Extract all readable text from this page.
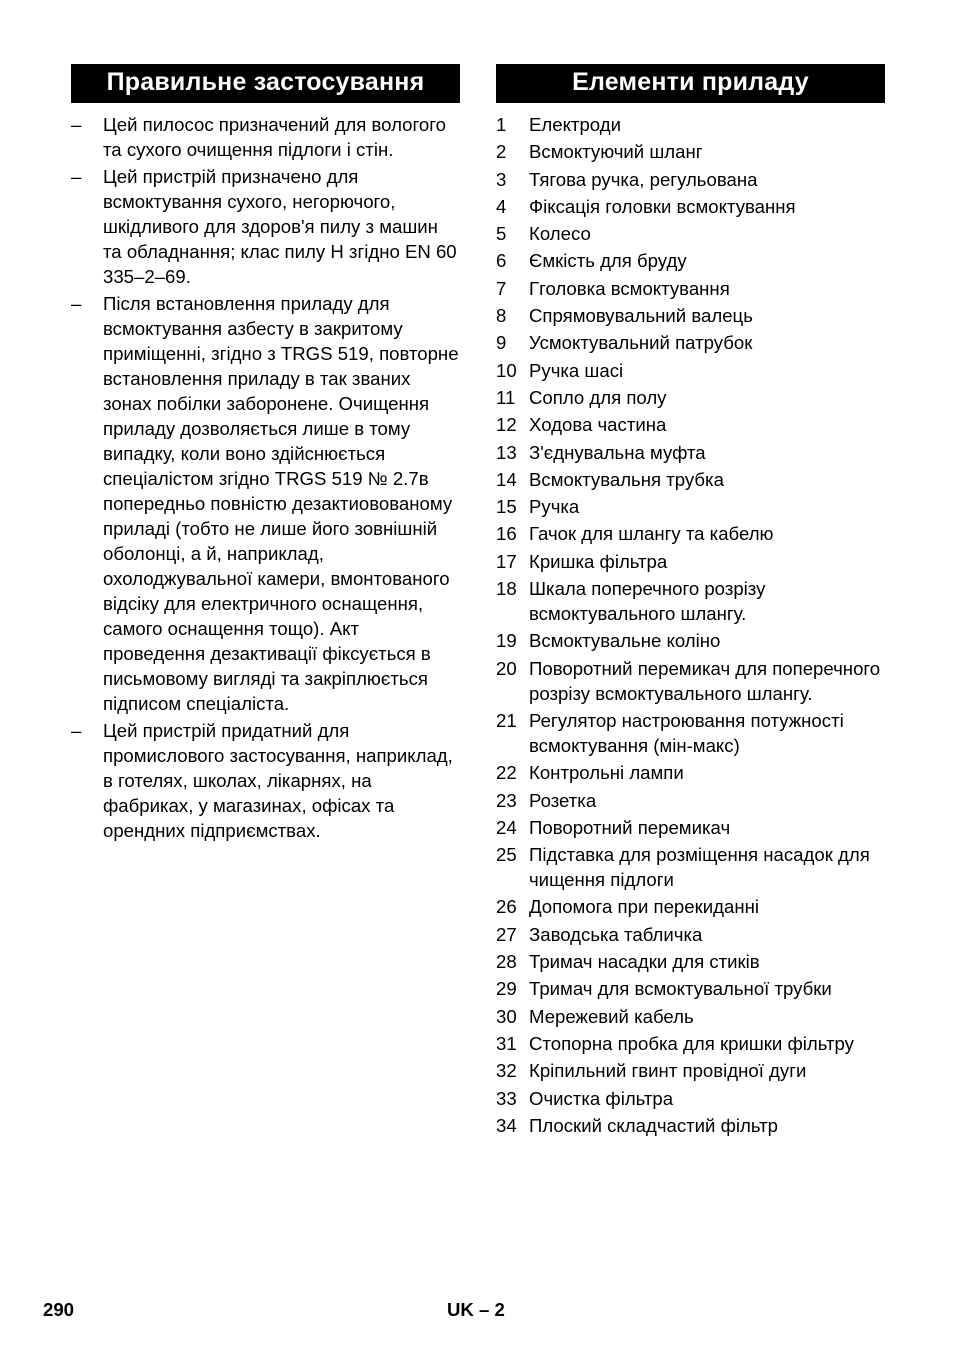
Правильне застосування
–	Цей пилосос призначений для вологого та сухого очищення підлоги і стін.
–	Цей пристрій призначено для всмоктування сухого, негорючого, шкідливого для здоров'я пилу з машин та обладнання; клас пилу H згідно EN 60 335–2–69.
–	Після встановлення приладу для всмоктування азбесту в закритому приміщенні, згідно з TRGS 519, повторне встановлення приладу в так званих зонах побілки заборонене. Очищення приладу дозволяється лише в тому випадку, коли воно здійснюється спеціалістом згідно TRGS 519 № 2.7в попередньо повністю дезактиовованому приладі (тобто не лише його зовнішній оболонці, а й, наприклад, охолоджувальної камери, вмонтованого відсіку для електричного оснащення, самого оснащення тощо). Акт проведення дезактивації фіксується в письмовому вигляді та закріплюється підписом спеціаліста.
–	Цей пристрій придатний для промислового застосування, наприклад, в готелях, школах, лікарнях, на фабриках, у магазинах, офісах та орендних підприємствах.
Елементи приладу
1 Електроди
2 Всмоктуючий шланг
3 Тягова ручка, регульована
4 Фіксація головки всмоктування
5 Колесо
6 Ємкість для бруду
7 Гголовка всмоктування
8 Спрямовувальний валець
9 Усмоктувальний патрубок
10 Ручка шасі
11 Сопло для полу
12 Ходова частина
13 З'єднувальна муфта
14 Всмоктувальня трубка
15 Ручка
16 Гачок для шлангу та кабелю
17 Кришка фільтра
18 Шкала поперечного розрізу всмоктувального шлангу.
19 Всмоктувальне коліно
20 Поворотний перемикач для поперечного розрізу всмоктувального шлангу.
21 Регулятор настроювання потужності всмоктування (мін-макс)
22 Контрольні лампи
23 Розетка
24 Поворотний перемикач
25 Підставка для розміщення насадок для чищення підлоги
26 Допомога при перекиданні
27 Заводська табличка
28 Тримач насадки для стиків
29 Тримач для всмоктувальної трубки
30 Мережевий кабель
31 Стопорна пробка для кришки фільтру
32 Кріпильний гвинт провідної дуги
33 Очистка фільтра
34 Плоский складчастий фільтр
290	UK – 2
